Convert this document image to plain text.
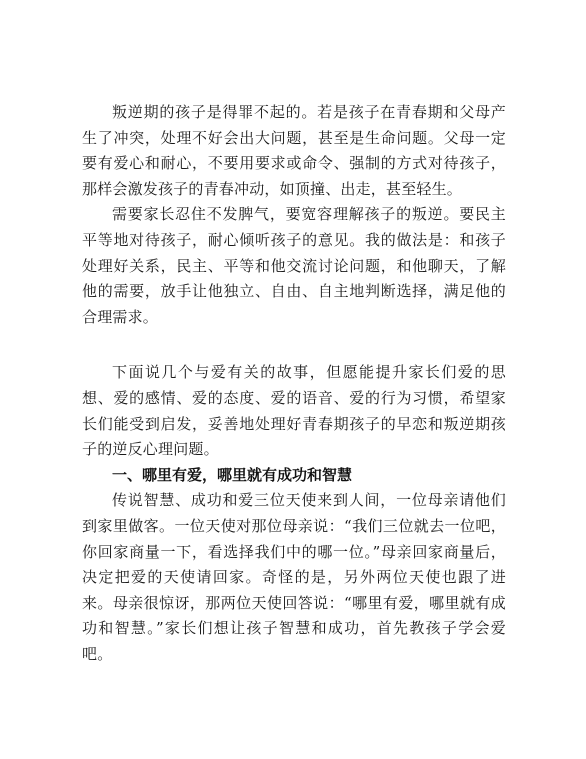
叛逆期的孩子是得罪不起的。若是孩子在青春期和父母产生了冲突，处理不好会出大问题，甚至是生命问题。父母一定要有爱心和耐心，不要用要求或命令、强制的方式对待孩子，那样会激发孩子的青春冲动，如顶撞、出走，甚至轻生。

需要家长忍住不发脾气，要宽容理解孩子的叛逆。要民主平等地对待孩子，耐心倾听孩子的意见。我的做法是：和孩子处理好关系，民主、平等和他交流讨论问题，和他聊天，了解他的需要，放手让他独立、自由、自主地判断选择，满足他的合理需求。

下面说几个与爱有关的故事，但愿能提升家长们爱的思想、爱的感情、爱的态度、爱的语音、爱的行为习惯，希望家长们能受到启发，妥善地处理好青春期孩子的早恋和叛逆期孩子的逆反心理问题。

一、哪里有爱，哪里就有成功和智慧

传说智慧、成功和爱三位天使来到人间，一位母亲请他们到家里做客。一位天使对那位母亲说：“我们三位就去一位吧，你回家商量一下，看选择我们中的哪一位。”母亲回家商量后，决定把爱的天使请回家。奇怪的是，另外两位天使也跟了进来。母亲很惊讶，那两位天使回答说：“哪里有爱，哪里就有成功和智慧。”家长们想让孩子智慧和成功，首先教孩子学会爱吧。
